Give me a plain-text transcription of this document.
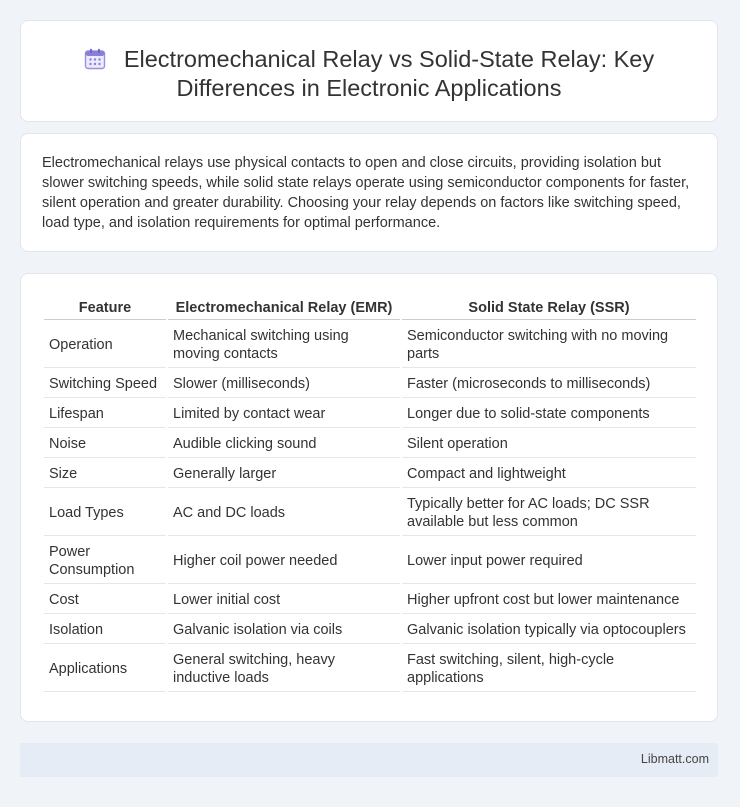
Electromechanical Relay vs Solid-State Relay: Key
Differences in Electronic Applications
Electromechanical relays use physical contacts to open and close circuits, providing isolation but slower switching speeds, while solid state relays operate using semiconductor components for faster, silent operation and greater durability. Choosing your relay depends on factors like switching speed, load type, and isolation requirements for optimal performance.
Feature	Electromechanical Relay (EMR)	Solid State Relay (SSR)
Operation	Mechanical switching using moving contacts	Semiconductor switching with no moving parts
Switching Speed	Slower (milliseconds)	Faster (microseconds to milliseconds)
Lifespan	Limited by contact wear	Longer due to solid-state components
Noise	Audible clicking sound	Silent operation
Size	Generally larger	Compact and lightweight
Load Types	AC and DC loads	Typically better for AC loads; DC SSR available but less common
Power Consumption	Higher coil power needed	Lower input power required
Cost	Lower initial cost	Higher upfront cost but lower maintenance
Isolation	Galvanic isolation via coils	Galvanic isolation typically via optocouplers
Applications	General switching, heavy inductive loads	Fast switching, silent, high-cycle applications
Libmatt.com
